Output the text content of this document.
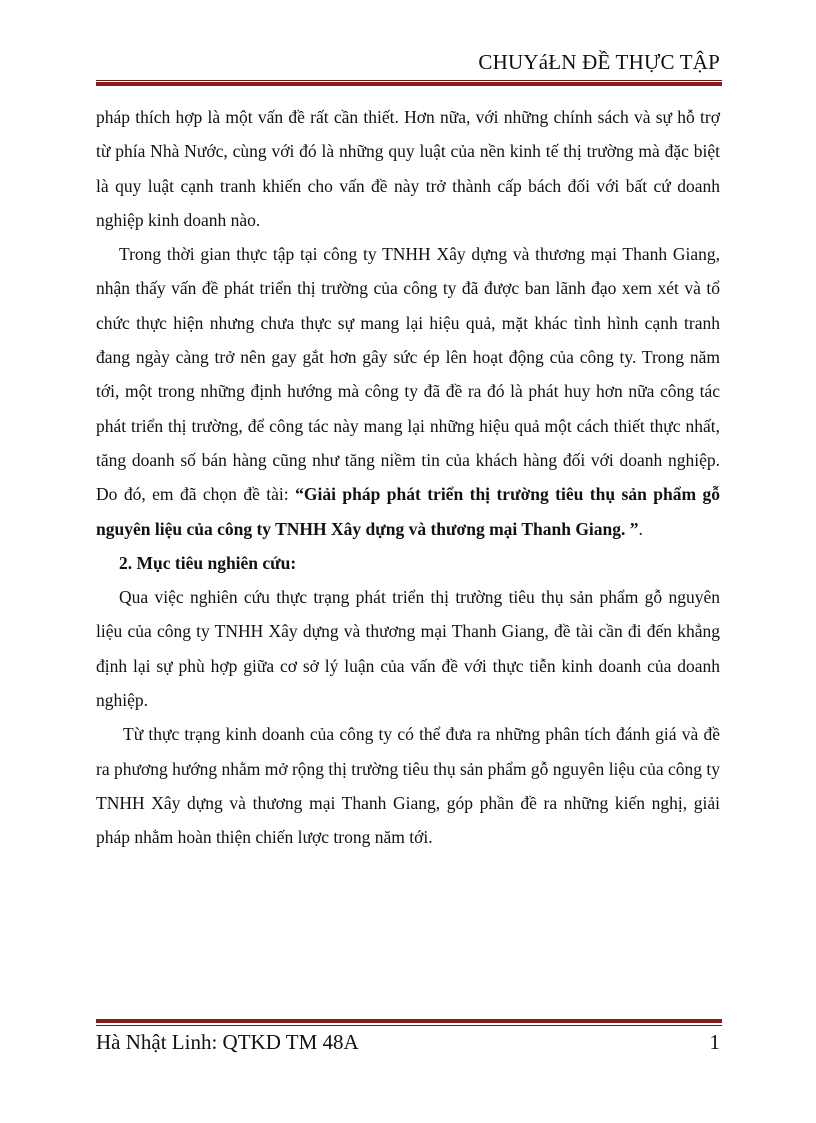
CHUYáŁN ĐỀ THỰC TẬP

pháp thích hợp là một vấn đề rất cần thiết. Hơn nữa, với những chính sách và sự hỗ trợ từ phía Nhà Nước, cùng với đó là những quy luật của nền kinh tế thị trường mà đặc biệt là quy luật cạnh tranh khiến cho vấn đề này trở thành cấp bách đối với bất cứ doanh nghiệp kinh doanh nào.

Trong thời gian thực tập tại công ty TNHH Xây dựng và thương mại Thanh Giang, nhận thấy vấn đề phát triển thị trường của công ty đã được ban lãnh đạo xem xét và tổ chức thực hiện nhưng chưa thực sự mang lại hiệu quả, mặt khác tình hình cạnh tranh đang ngày càng trở nên gay gắt hơn gây sức ép lên hoạt động của công ty. Trong năm tới, một trong những định hướng mà công ty đã đề ra đó là phát huy hơn nữa công tác phát triển thị trường, để công tác này mang lại những hiệu quả một cách thiết thực nhất, tăng doanh số bán hàng cũng như tăng niềm tin của khách hàng đối với doanh nghiệp. Do đó, em đã chọn đề tài: “Giải pháp phát triển thị trường tiêu thụ sản phẩm gỗ nguyên liệu của công ty TNHH Xây dựng và thương mại Thanh Giang. ”.

2. Mục tiêu nghiên cứu:

Qua việc nghiên cứu thực trạng phát triển thị trường tiêu thụ sản phẩm gỗ nguyên liệu của công ty TNHH Xây dựng và thương mại Thanh Giang, đề tài cần đi đến khẳng định lại sự phù hợp giữa cơ sở lý luận của vấn đề với thực tiễn kinh doanh của doanh nghiệp.

Từ thực trạng kinh doanh của công ty có thể đưa ra những phân tích đánh giá và đề ra phương hướng nhằm mở rộng thị trường tiêu thụ sản phẩm gỗ nguyên liệu của công ty TNHH Xây dựng và thương mại Thanh Giang, góp phần đề ra những kiến nghị, giải pháp nhằm hoàn thiện chiến lược trong năm tới.

Hà Nhật Linh: QTKD TM 48A	1
